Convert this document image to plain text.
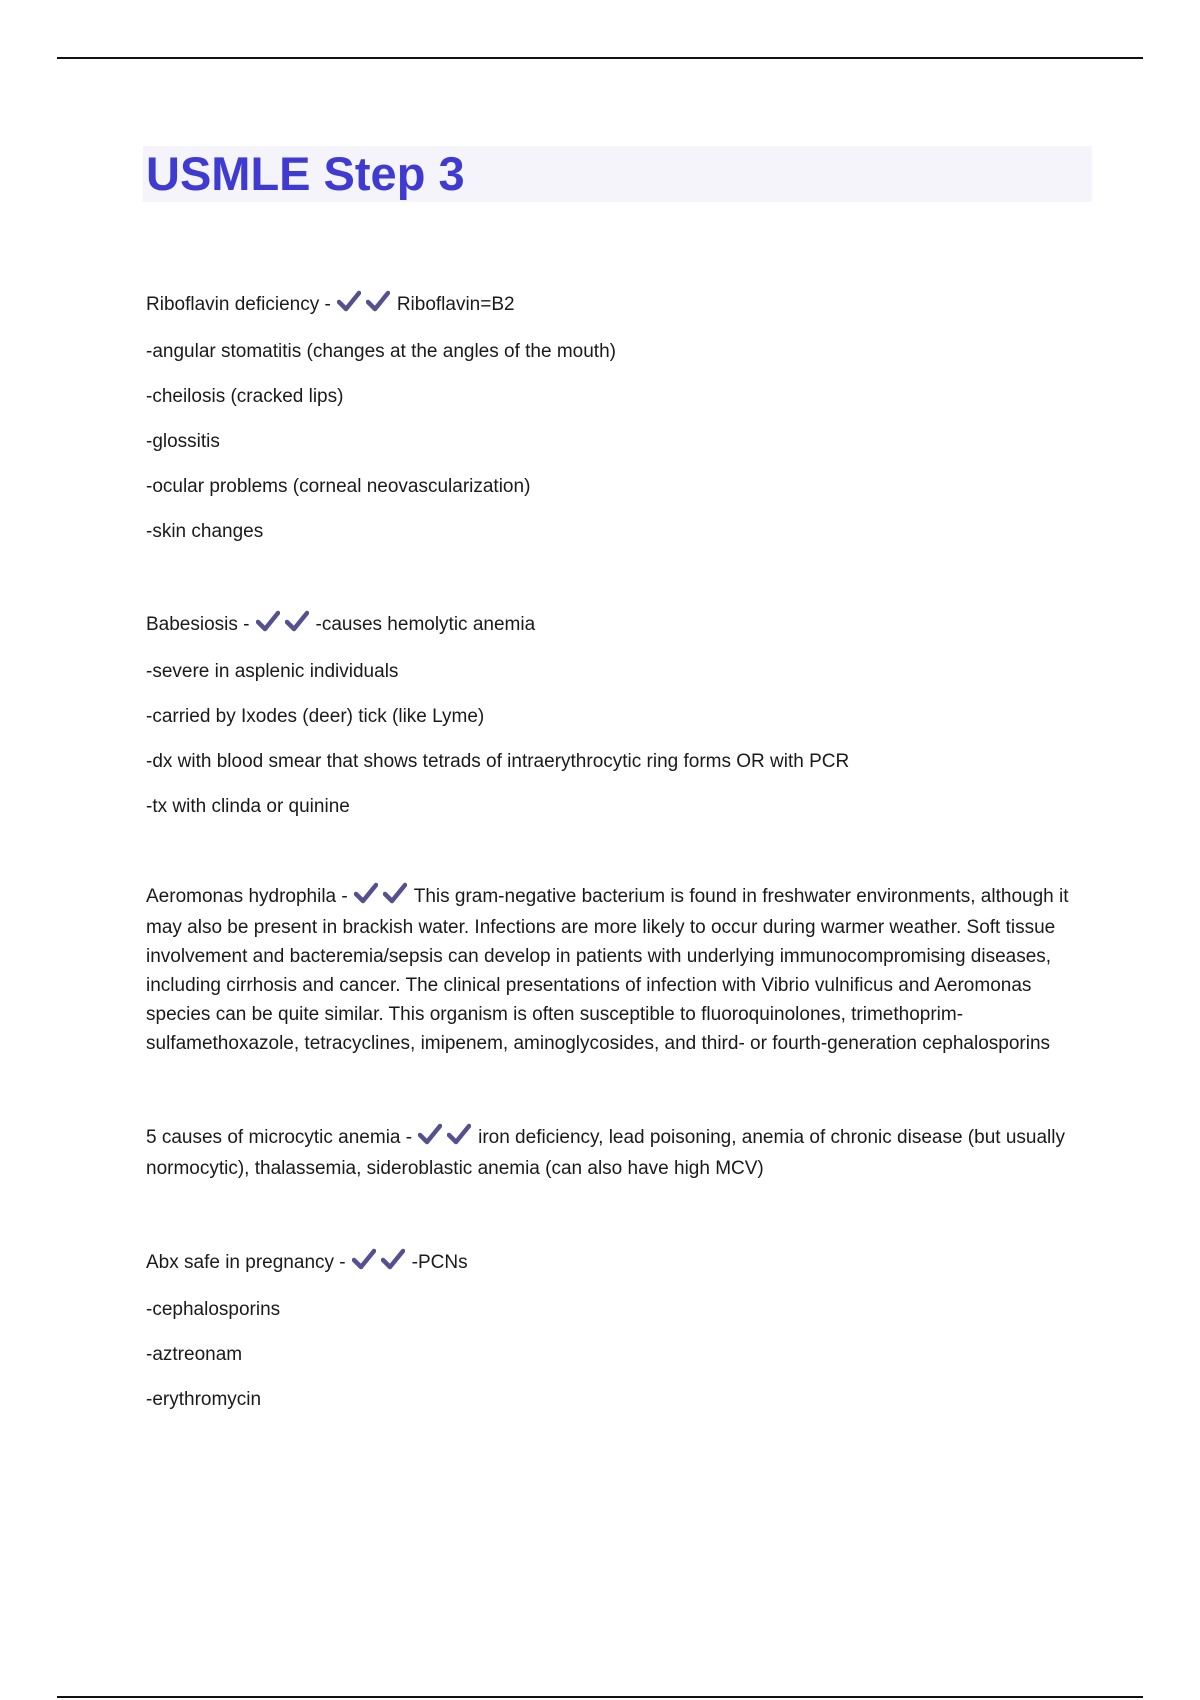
USMLE Step 3
Riboflavin deficiency -	Riboflavin=B2
-angular stomatitis (changes at the angles of the mouth)
-cheilosis (cracked lips)
-glossitis
-ocular problems (corneal neovascularization)
-skin changes
Babesiosis -	-causes hemolytic anemia
-severe in asplenic individuals
-carried by Ixodes (deer) tick (like Lyme)
-dx with blood smear that shows tetrads of intraerythrocytic ring forms OR with PCR
-tx with clinda or quinine

Aeromonas hydrophila -	This gram-negative bacterium is found in freshwater environments, although it may also be present in brackish water. Infections are more likely to occur during warmer weather. Soft tissue involvement and bacteremia/sepsis can develop in patients with underlying immunocompromising diseases, including cirrhosis and cancer. The clinical presentations of infection with Vibrio vulnificus and Aeromonas species can be quite similar. This organism is often susceptible to fluoroquinolones, trimethoprim-sulfamethoxazole, tetracyclines, imipenem, aminoglycosides, and third- or fourth-generation cephalosporins

5 causes of microcytic anemia -	iron deficiency, lead poisoning, anemia of chronic disease (but usually normocytic), thalassemia, sideroblastic anemia (can also have high MCV)

Abx safe in pregnancy -	-PCNs
-cephalosporins
-aztreonam
-erythromycin
